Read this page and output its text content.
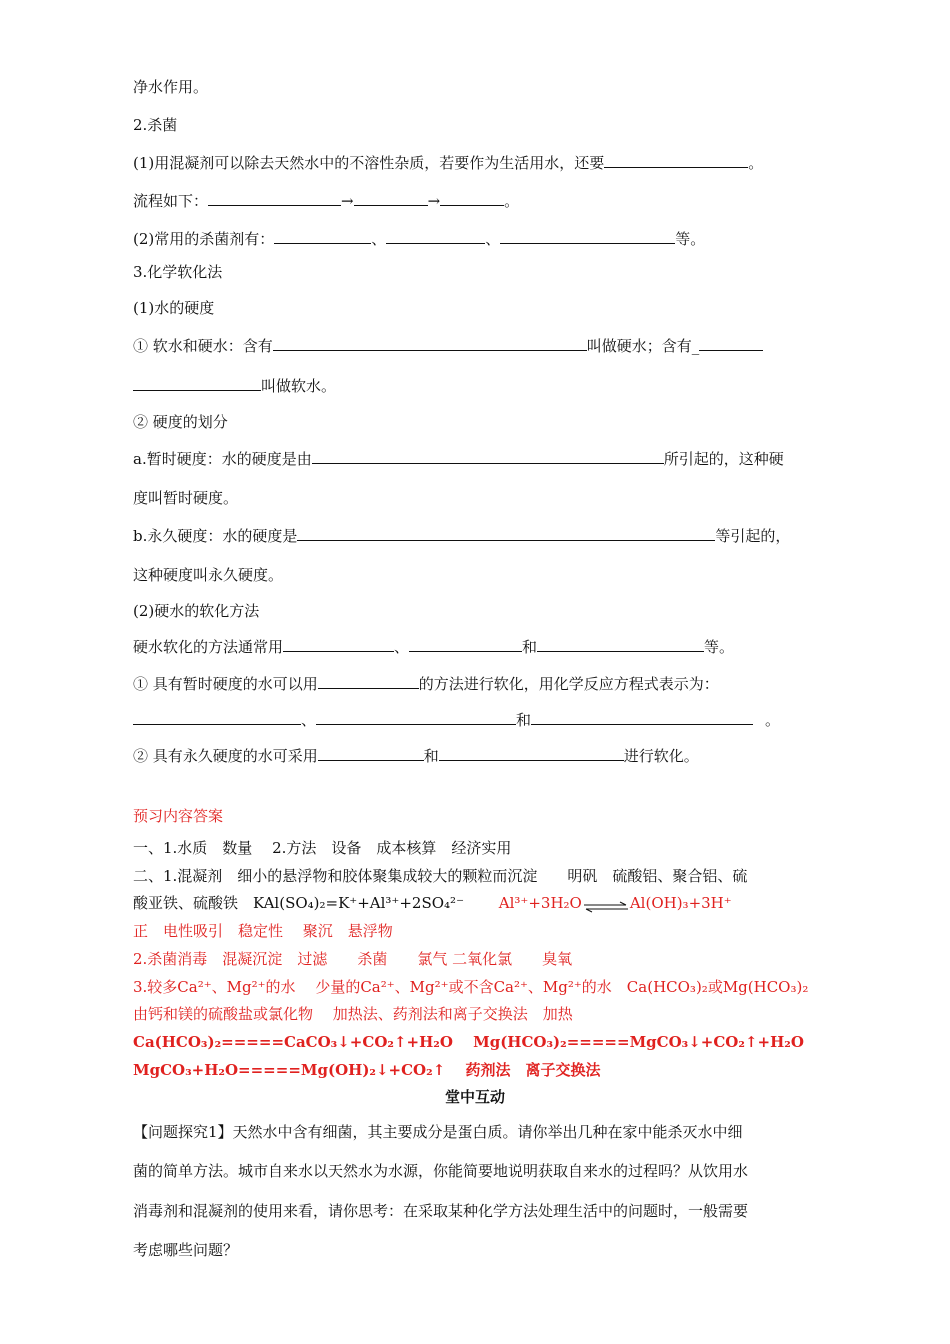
净水作用。
2.杀菌
(1)用混凝剂可以除去天然水中的不溶性杂质，若要作为生活用水，还要	。
流程如下：	→	→	。
(2)常用的杀菌剂有：	、	、	等。
3.化学软化法
(1)水的硬度
① 软水和硬水：含有	叫做硬水；含有_
叫做软水。
② 硬度的划分
a.暂时硬度：水的硬度是由	所引起的，这种硬
度叫暂时硬度。
b.永久硬度：水的硬度是	等引起的，
这种硬度叫永久硬度。
(2)硬水的软化方法
硬水软化的方法通常用	、	和	等。
① 具有暂时硬度的水可以用	的方法进行软化，用化学反应方程式表示为：
、	和	。
② 具有永久硬度的水可采用	和	进行软化。
预习内容答案
一、1.水质　数量　 2.方法　设备　成本核算　经济实用
二、1.混凝剂　细小的悬浮物和胶体聚集成较大的颗粒而沉淀　　明矾　硫酸铝、聚合铝、硫
酸亚铁、硫酸铁　KAl(SO₄)₂=K⁺+Al³⁺+2SO₄²⁻ Al³⁺+3H₂O ⇌ Al(OH)₃+3H⁺
正　电性吸引　稳定性　 聚沉　悬浮物
2.杀菌消毒　混凝沉淀　过滤　　杀菌　　氯气 二氧化氯　　臭氧
3.较多Ca²⁺、Mg²⁺的水　 少量的Ca²⁺、Mg²⁺或不含Ca²⁺、Mg²⁺的水　Ca(HCO₃)₂或Mg(HCO₃)₂
由钙和镁的硫酸盐或氯化物　 加热法、药剂法和离子交换法　加热
Ca(HCO₃)₂=====CaCO₃↓+CO₂↑+H₂O　 Mg(HCO₃)₂=====MgCO₃↓+CO₂↑+H₂O
MgCO₃+H₂O=====Mg(OH)₂↓+CO₂↑　 药剂法　离子交换法
堂中互动
【问题探究1】天然水中含有细菌，其主要成分是蛋白质。请你举出几种在家中能杀灭水中细
菌的简单方法。城市自来水以天然水为水源，你能简要地说明获取自来水的过程吗？从饮用水
消毒剂和混凝剂的使用来看，请你思考：在采取某种化学方法处理生活中的问题时，一般需要
考虑哪些问题？
